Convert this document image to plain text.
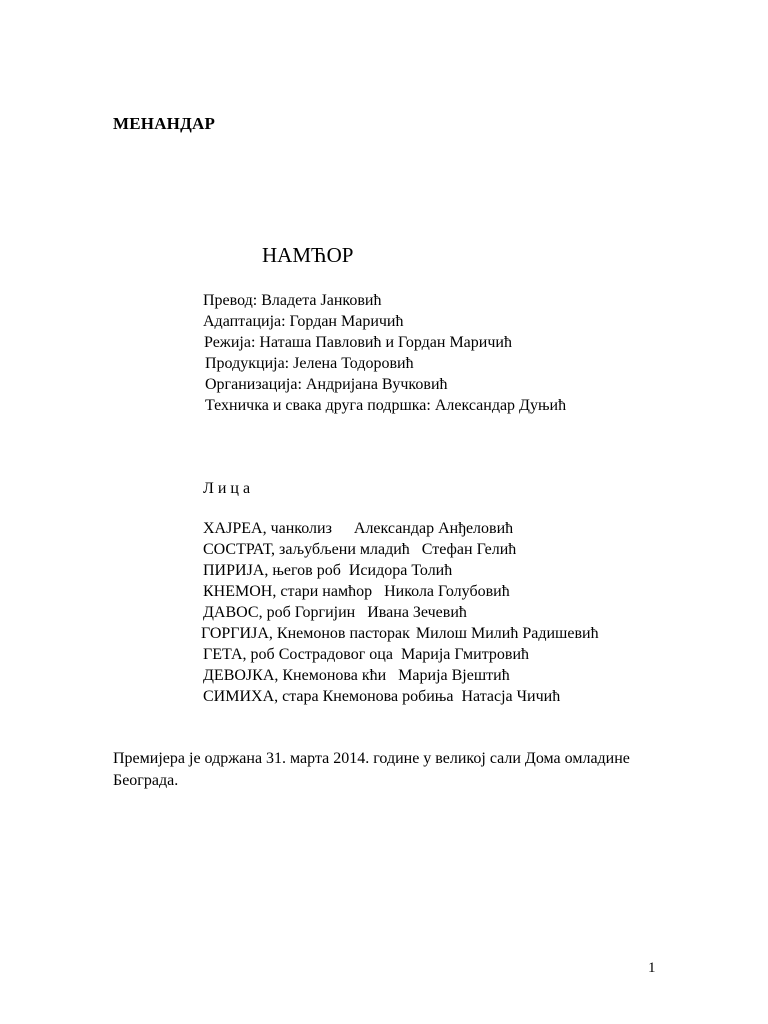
МЕНАНДАР
НАМЋОР
Превод: Владета Јанковић
Адаптација: Гордан Маричић
Режија: Наташа Павловић и Гордан Маричић
Продукција: Јелена Тодоровић
Организација: Андријана Вучковић
Техничка и свака друга подршка: Александар Дуњић
Л и ц а
ХАЈРЕА, чанколиз Александар Анђеловић
СОСТРАТ, заљубљени младић Стефан Гелић
ПИРИЈА, његов роб Исидора Толић
КНЕМОН, стари намћор Никола Голубовић
ДАВОС, роб Горгијин Ивана Зечевић
ГОРГИЈА, Кнемонов пасторак Милош Милић Радишевић
ГЕТА, роб Сострадовог оца Марија Гмитровић
ДЕВОЈКА, Кнемонова кћи Марија Вјештић
СИМИХА, стара Кнемонова робиња Натасја Чичић
Премијера је одржана 31. марта 2014. године у великој сали Дома омладине Београда.
1
